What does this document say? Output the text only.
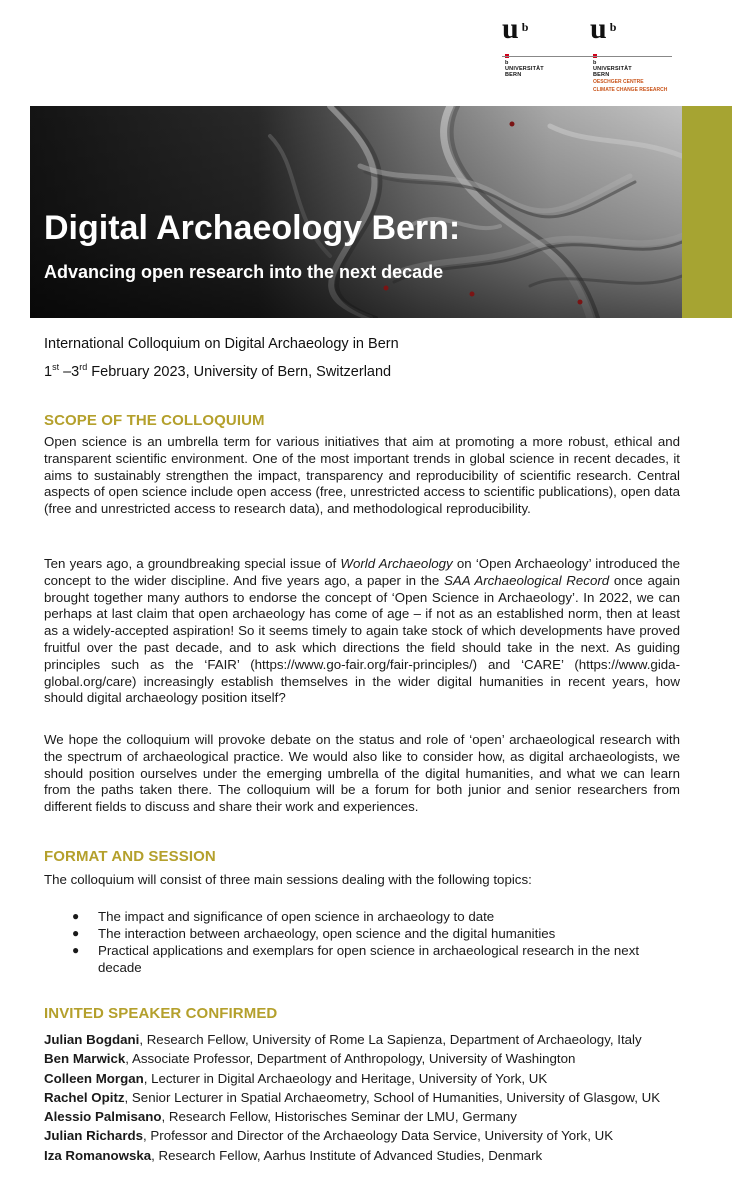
u $^b$
b
UNIVERSITÄT
BERN
u $^b$
b
UNIVERSITÄT
BERN
OESCHGER CENTRE
CLIMATE CHANGE RESEARCH
Digital Archaeology Bern:
Advancing open research into the next decade
International Colloquium on Digital Archaeology in Bern
1st –3rd February 2023, University of Bern, Switzerland
SCOPE OF THE COLLOQUIUM

Open science is an umbrella term for various initiatives that aim at promoting a more robust, ethical and transparent scientific environment. One of the most important trends in global science in recent decades, it aims to sustainably strengthen the impact, transparency and reproducibility of scientific research. Central aspects of open science include open access (free, unrestricted access to scientific publications), open data (free and unrestricted access to research data), and methodological reproducibility.

Ten years ago, a groundbreaking special issue of World Archaeology on ‘Open Archaeology’ introduced the concept to the wider discipline. And five years ago, a paper in the SAA Archaeological Record once again brought together many authors to endorse the concept of ‘Open Science in Archaeology’. In 2022, we can perhaps at last claim that open archaeology has come of age – if not as an established norm, then at least as a widely-accepted aspiration! So it seems timely to again take stock of which developments have proved fruitful over the past decade, and to ask which directions the field should take in the next. As guiding principles such as the ‘FAIR’ (https://www.go-fair.org/fair-principles/) and ‘CARE’ (https://www.gida-global.org/care) increasingly establish themselves in the wider digital humanities in recent years, how should digital archaeology position itself?

We hope the colloquium will provoke debate on the status and role of ‘open’ archaeological research with the spectrum of archaeological practice. We would also like to consider how, as digital archaeologists, we should position ourselves under the emerging umbrella of the digital humanities, and what we can learn from the paths taken there. The colloquium will be a forum for both junior and senior researchers from different fields to discuss and share their work and experiences.

FORMAT AND SESSION

The colloquium will consist of three main sessions dealing with the following topics:

● The impact and significance of open science in archaeology to date
● The interaction between archaeology, open science and the digital humanities
● Practical applications and exemplars for open science in archaeological research in the next decade
INVITED SPEAKER CONFIRMED
Julian Bogdani, Research Fellow, University of Rome La Sapienza, Department of Archaeology, Italy
Ben Marwick, Associate Professor, Department of Anthropology, University of Washington
Colleen Morgan, Lecturer in Digital Archaeology and Heritage, University of York, UK
Rachel Opitz, Senior Lecturer in Spatial Archaeometry, School of Humanities, University of Glasgow, UK
Alessio Palmisano, Research Fellow, Historisches Seminar der LMU, Germany
Julian Richards, Professor and Director of the Archaeology Data Service, University of York, UK
Iza Romanowska, Research Fellow, Aarhus Institute of Advanced Studies, Denmark
